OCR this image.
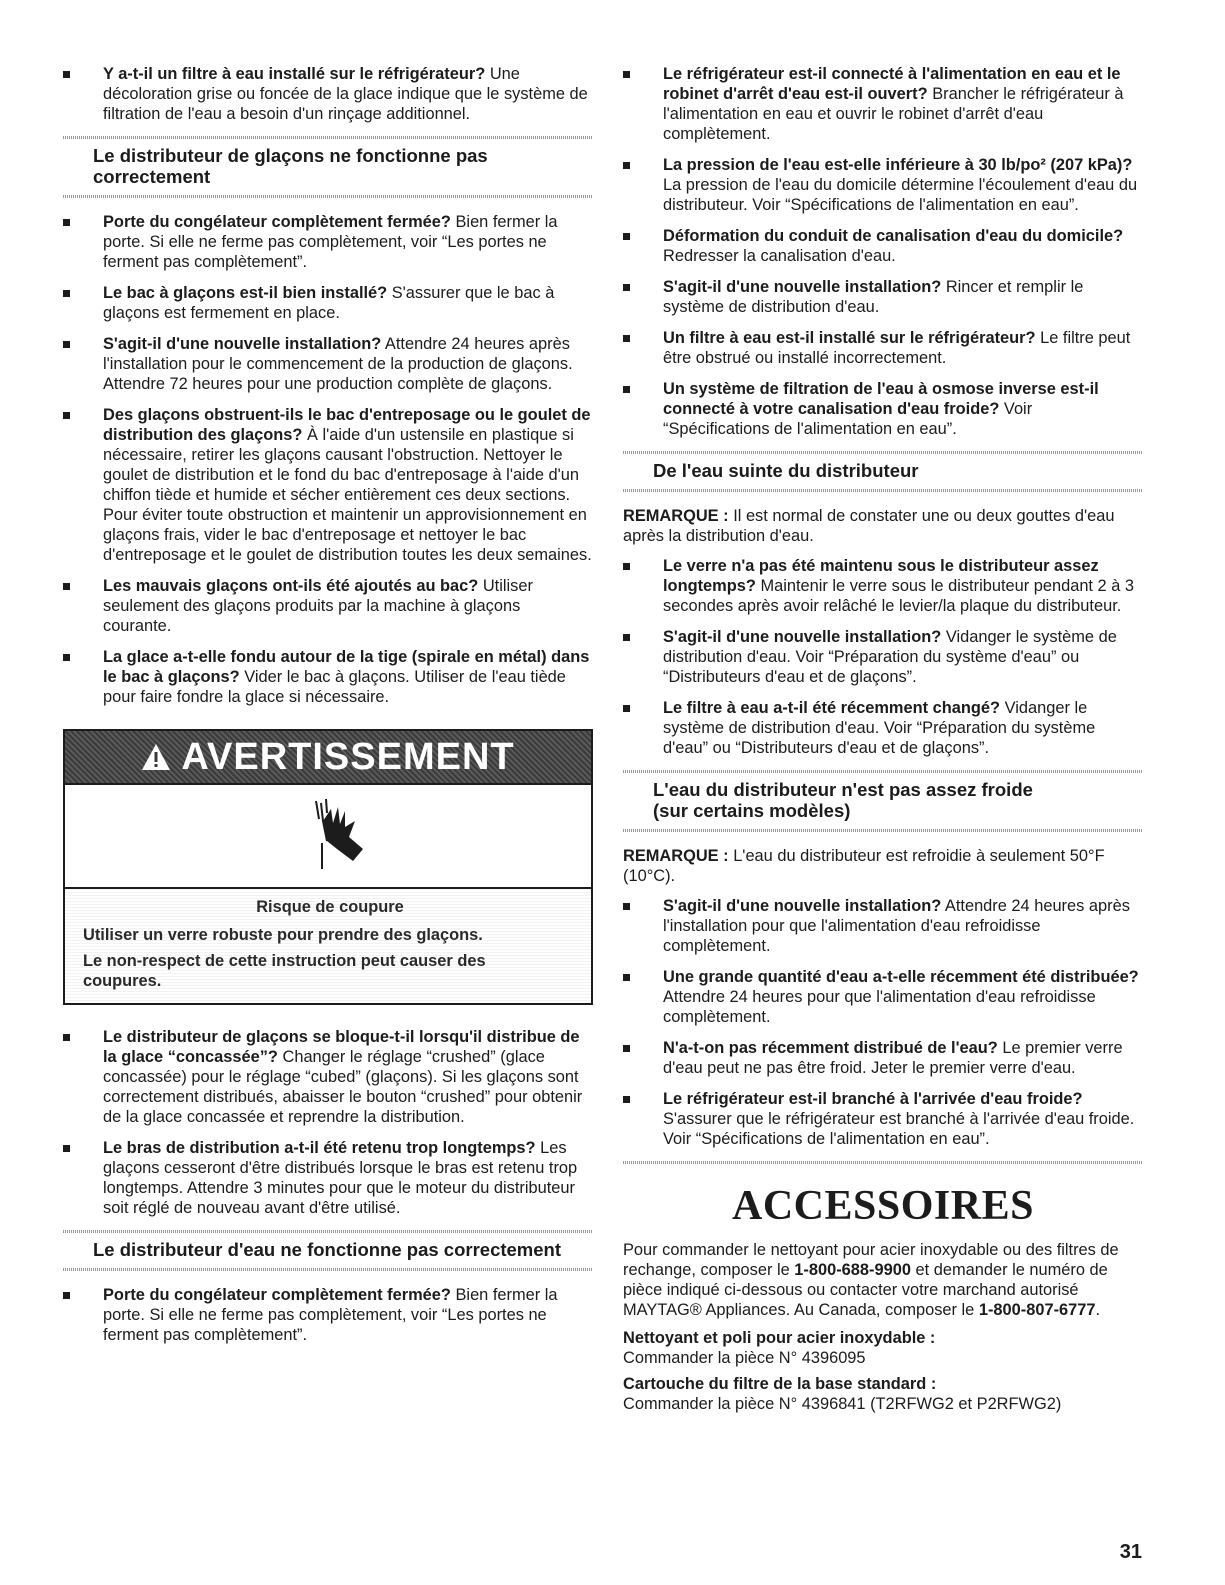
Y a-t-il un filtre à eau installé sur le réfrigérateur? Une décoloration grise ou foncée de la glace indique que le système de filtration de l'eau a besoin d'un rinçage additionnel.
Le distributeur de glaçons ne fonctionne pas
correctement
Porte du congélateur complètement fermée? Bien fermer la porte. Si elle ne ferme pas complètement, voir “Les portes ne ferment pas complètement”.
Le bac à glaçons est-il bien installé? S'assurer que le bac à glaçons est fermement en place.
S'agit-il d'une nouvelle installation? Attendre 24 heures après l'installation pour le commencement de la production de glaçons. Attendre 72 heures pour une production complète de glaçons.
Des glaçons obstruent-ils le bac d'entreposage ou le goulet de distribution des glaçons? À l'aide d'un ustensile en plastique si nécessaire, retirer les glaçons causant l'obstruction. Nettoyer le goulet de distribution et le fond du bac d'entreposage à l'aide d'un chiffon tiède et humide et sécher entièrement ces deux sections. Pour éviter toute obstruction et maintenir un approvisionnement en glaçons frais, vider le bac d'entreposage et nettoyer le bac d'entreposage et le goulet de distribution toutes les deux semaines.
Les mauvais glaçons ont-ils été ajoutés au bac? Utiliser seulement des glaçons produits par la machine à glaçons courante.
La glace a-t-elle fondu autour de la tige (spirale en métal) dans le bac à glaçons? Vider le bac à glaçons. Utiliser de l'eau tiède pour faire fondre la glace si nécessaire.
AVERTISSEMENT
Risque de coupure
Utiliser un verre robuste pour prendre des glaçons.
Le non-respect de cette instruction peut causer des coupures.
Le distributeur de glaçons se bloque-t-il lorsqu'il distribue de la glace “concassée”? Changer le réglage “crushed” (glace concassée) pour le réglage “cubed” (glaçons). Si les glaçons sont correctement distribués, abaisser le bouton “crushed” pour obtenir de la glace concassée et reprendre la distribution.
Le bras de distribution a-t-il été retenu trop longtemps? Les glaçons cesseront d'être distribués lorsque le bras est retenu trop longtemps. Attendre 3 minutes pour que le moteur du distributeur soit réglé de nouveau avant d'être utilisé.
Le distributeur d'eau ne fonctionne pas correctement
Porte du congélateur complètement fermée? Bien fermer la porte. Si elle ne ferme pas complètement, voir “Les portes ne ferment pas complètement”.
Le réfrigérateur est-il connecté à l'alimentation en eau et le robinet d'arrêt d'eau est-il ouvert? Brancher le réfrigérateur à l'alimentation en eau et ouvrir le robinet d'arrêt d'eau complètement.
La pression de l'eau est-elle inférieure à 30 lb/po² (207 kPa)? La pression de l'eau du domicile détermine l'écoulement d'eau du distributeur. Voir “Spécifications de l'alimentation en eau”.
Déformation du conduit de canalisation d'eau du domicile? Redresser la canalisation d'eau.
S'agit-il d'une nouvelle installation? Rincer et remplir le système de distribution d'eau.
Un filtre à eau est-il installé sur le réfrigérateur? Le filtre peut être obstrué ou installé incorrectement.
Un système de filtration de l'eau à osmose inverse est-il connecté à votre canalisation d'eau froide? Voir “Spécifications de l'alimentation en eau”.
De l'eau suinte du distributeur
REMARQUE : Il est normal de constater une ou deux gouttes d'eau après la distribution d'eau.
Le verre n'a pas été maintenu sous le distributeur assez longtemps? Maintenir le verre sous le distributeur pendant 2 à 3 secondes après avoir relâché le levier/la plaque du distributeur.
S'agit-il d'une nouvelle installation? Vidanger le système de distribution d'eau. Voir “Préparation du système d'eau” ou “Distributeurs d'eau et de glaçons”.
Le filtre à eau a-t-il été récemment changé? Vidanger le système de distribution d'eau. Voir “Préparation du système d'eau” ou “Distributeurs d'eau et de glaçons”.
L'eau du distributeur n'est pas assez froide
(sur certains modèles)
REMARQUE : L'eau du distributeur est refroidie à seulement 50°F (10°C).
S'agit-il d'une nouvelle installation? Attendre 24 heures après l'installation pour que l'alimentation d'eau refroidisse complètement.
Une grande quantité d'eau a-t-elle récemment été distribuée? Attendre 24 heures pour que l'alimentation d'eau refroidisse complètement.
N'a-t-on pas récemment distribué de l'eau? Le premier verre d'eau peut ne pas être froid. Jeter le premier verre d'eau.
Le réfrigérateur est-il branché à l'arrivée d'eau froide? S'assurer que le réfrigérateur est branché à l'arrivée d'eau froide. Voir “Spécifications de l'alimentation en eau”.
ACCESSOIRES
Pour commander le nettoyant pour acier inoxydable ou des filtres de rechange, composer le 1-800-688-9900 et demander le numéro de pièce indiqué ci-dessous ou contacter votre marchand autorisé MAYTAG® Appliances. Au Canada, composer le 1-800-807-6777.
Nettoyant et poli pour acier inoxydable :
Commander la pièce N° 4396095
Cartouche du filtre de la base standard :
Commander la pièce N° 4396841 (T2RFWG2 et P2RFWG2)
31
